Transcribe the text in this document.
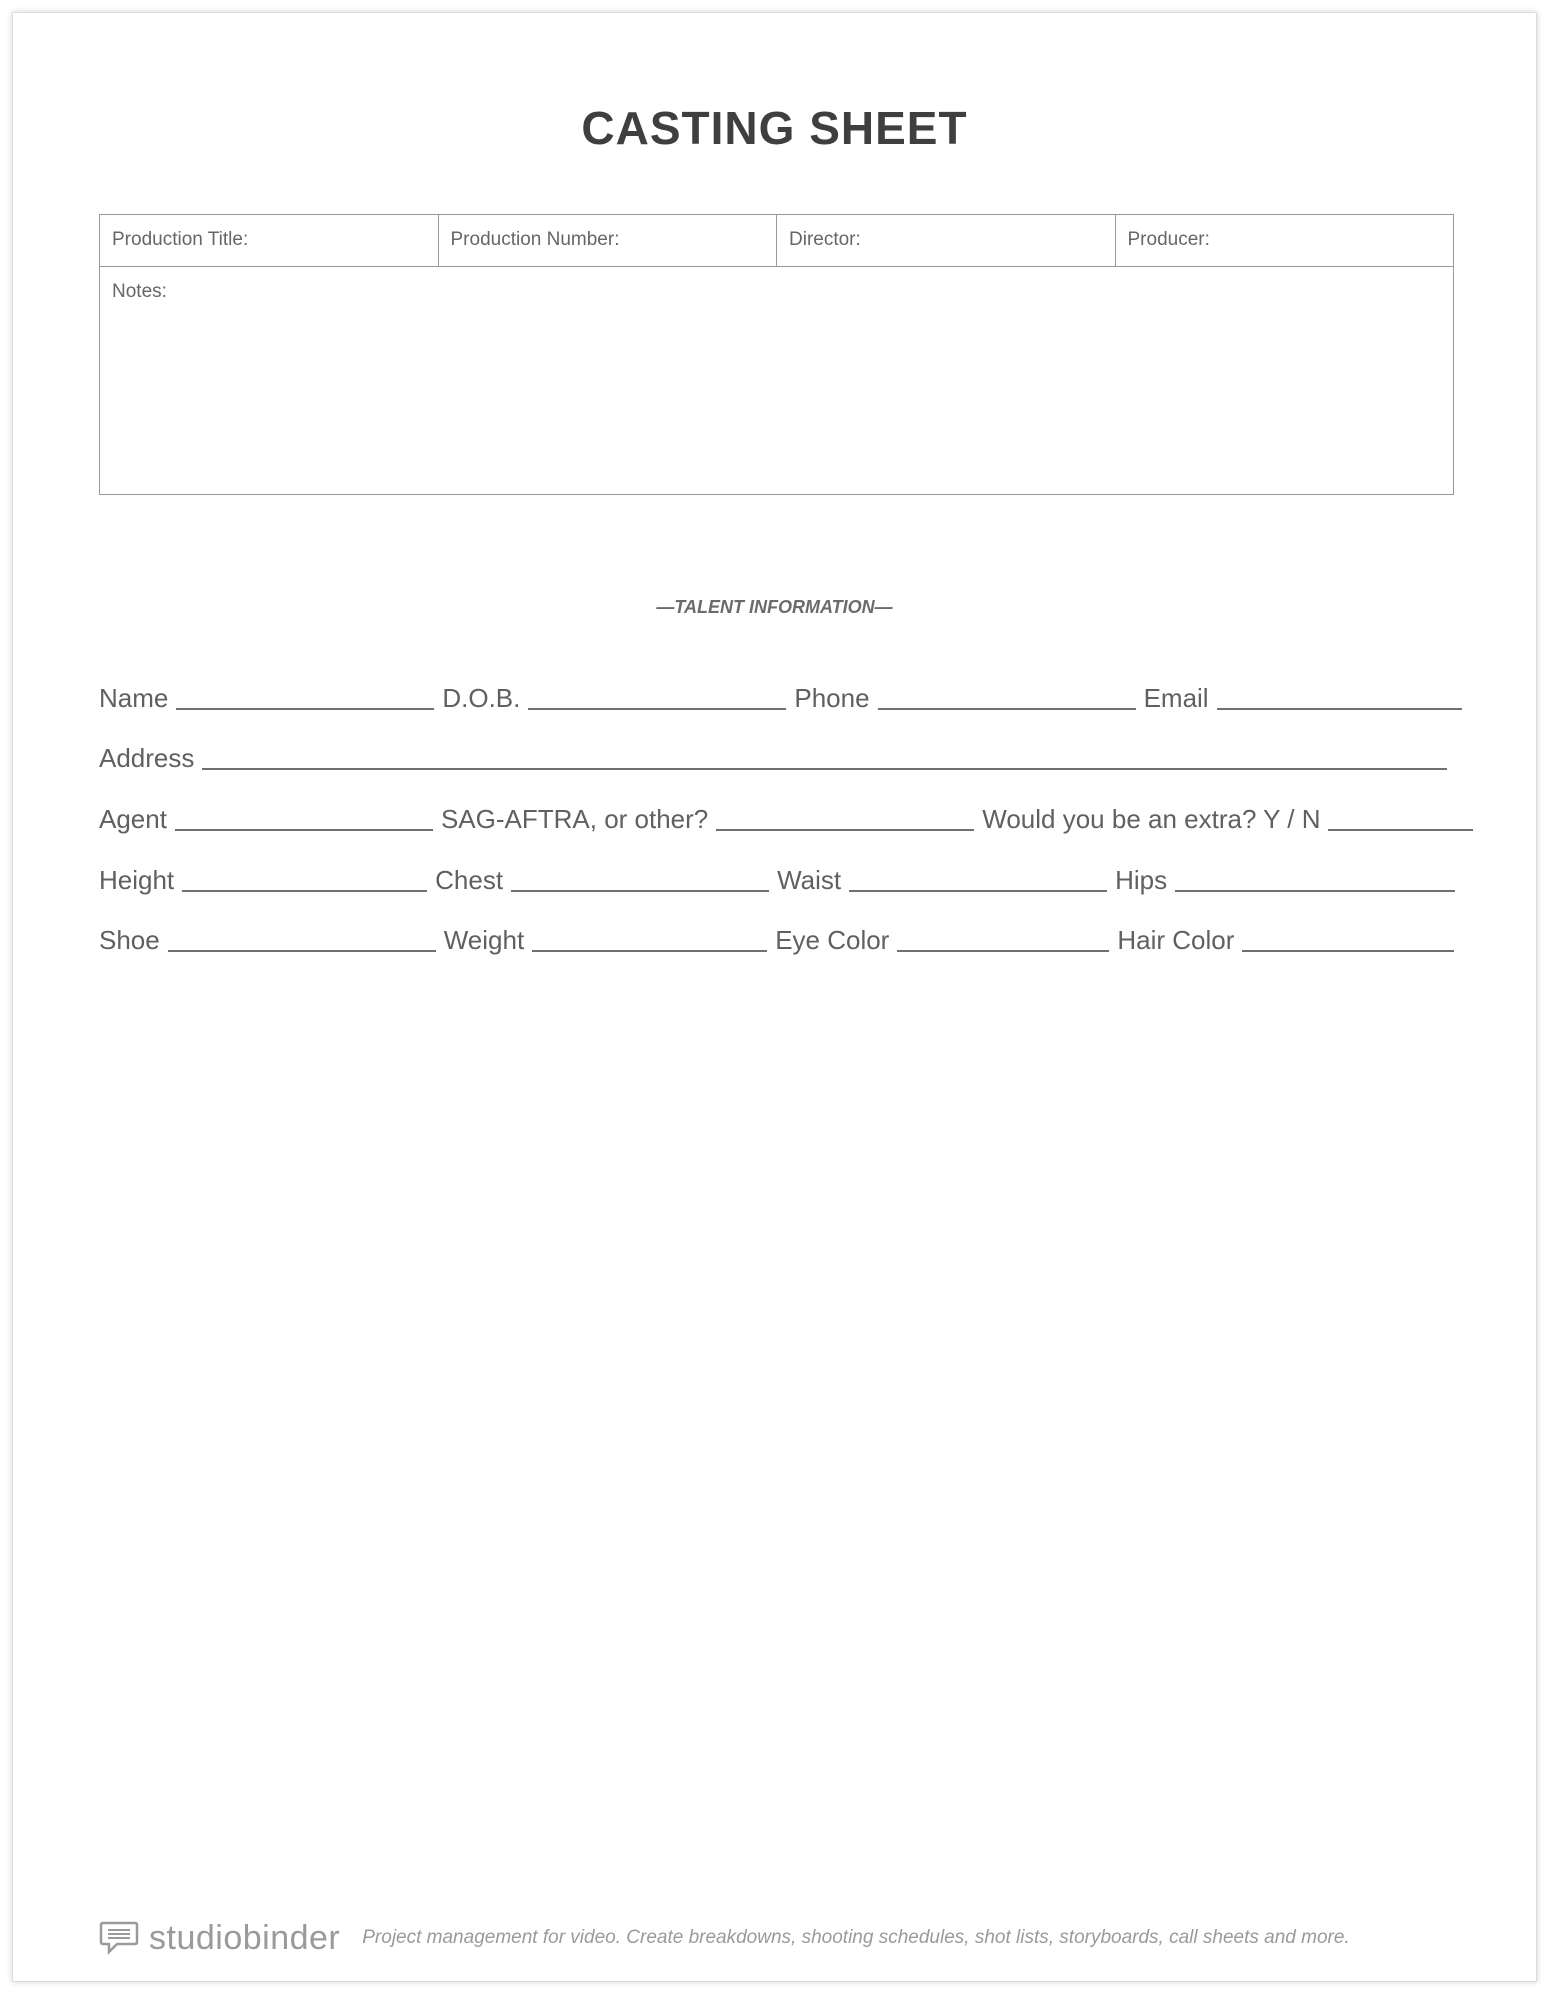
CASTING SHEET
Production Title:	Production Number:	Director:	Producer:
Notes:
—TALENT INFORMATION—
Name	D.O.B.	Phone	Email
Address
Agent	SAG-AFTRA, or other?	Would you be an extra? Y / N
Height	Chest	Waist	Hips
Shoe	Weight	Eye Color	Hair Color
studiobinder Project management for video. Create breakdowns, shooting schedules, shot lists, storyboards, call sheets and more.
